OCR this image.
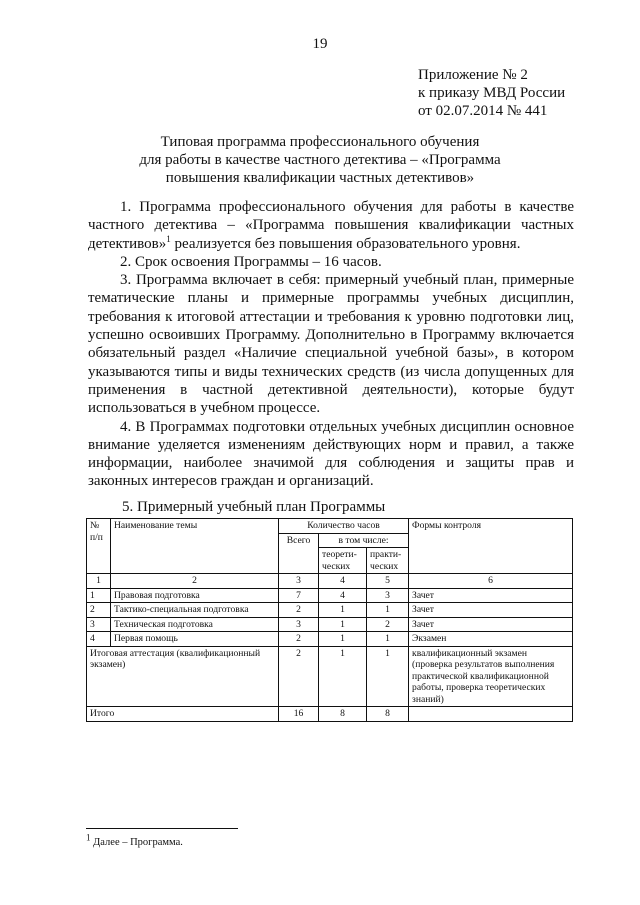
19
Приложение № 2
к приказу МВД России
от 02.07.2014 № 441
Типовая программа профессионального обучения
для работы в качестве частного детектива – «Программа
повышения квалификации частных детективов»

1. Программа профессионального обучения для работы в качестве частного детектива – «Программа повышения квалификации частных детективов»$^1$ реализуется без повышения образовательного уровня.

2. Срок освоения Программы – 16 часов.

3. Программа включает в себя: примерный учебный план, примерные тематические планы и примерные программы учебных дисциплин, требования к итоговой аттестации и требования к уровню подготовки лиц, успешно освоивших Программу. Дополнительно в Программу включается обязательный раздел «Наличие специальной учебной базы», в котором указываются типы и виды технических средств (из числа допущенных для применения в частной детективной деятельности), которые будут использоваться в учебном процессе.

4. В Программах подготовки отдельных учебных дисциплин основное внимание уделяется изменениям действующих норм и правил, а также информации, наиболее значимой для соблюдения и защиты прав и законных интересов граждан и организаций.

5. Примерный учебный план Программы
№ п/п	Наименование темы	Количество часов			Формы контроля
		Всего	в том числе:		
			теорети-ческих	практи-ческих	
1	2	3	4	5	6
1	Правовая подготовка	7	4	3	Зачет
2	Тактико-специальная подготовка	2	1	1	Зачет
3	Техническая подготовка	3	1	2	Зачет
4	Первая помощь	2	1	1	Экзамен
Итоговая аттестация (квалификационный экзамен)		2	1	1	квалификационный экзамен (проверка результатов выполнения практической квалификационной работы, проверка теоретических знаний)
Итого		16	8	8	
$^1$ Далее – Программа.
